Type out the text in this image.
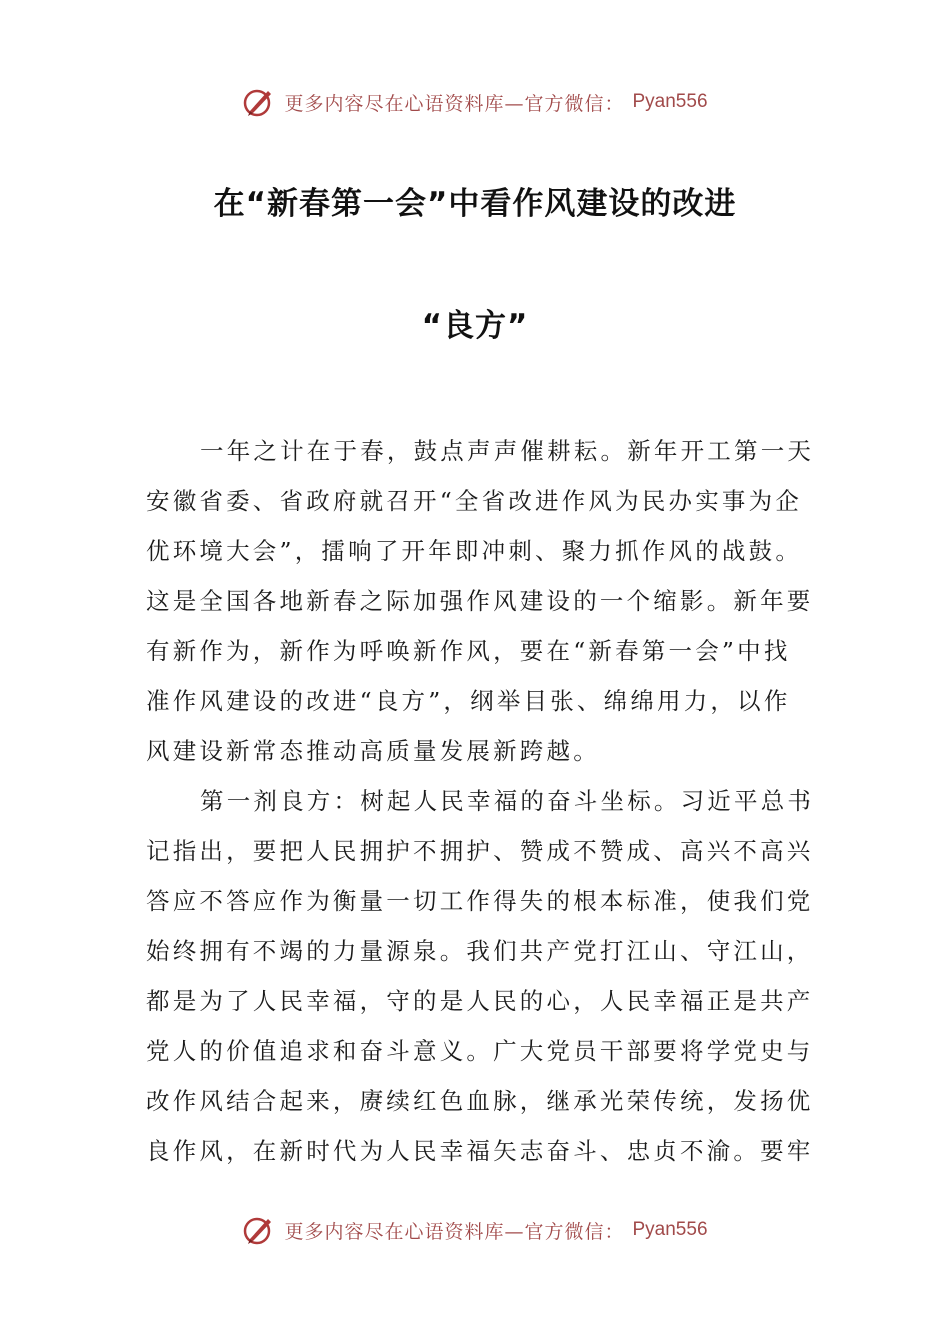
更多内容尽在心语资料库—官方微信： Pyan556
在“新春第一会”中看作风建设的改进
“良方”
一年之计在于春，鼓点声声催耕耘。新年开工第一天
安徽省委、省政府就召开“全省改进作风为民办实事为企
优环境大会”，擂响了开年即冲刺、聚力抓作风的战鼓。
这是全国各地新春之际加强作风建设的一个缩影。新年要
有新作为，新作为呼唤新作风，要在“新春第一会”中找
准作风建设的改进“良方”，纲举目张、绵绵用力，以作
风建设新常态推动高质量发展新跨越。
第一剂良方：树起人民幸福的奋斗坐标。习近平总书
记指出，要把人民拥护不拥护、赞成不赞成、高兴不高兴
答应不答应作为衡量一切工作得失的根本标准，使我们党
始终拥有不竭的力量源泉。我们共产党打江山、守江山，
都是为了人民幸福，守的是人民的心，人民幸福正是共产
党人的价值追求和奋斗意义。广大党员干部要将学党史与
改作风结合起来，赓续红色血脉，继承光荣传统，发扬优
良作风，在新时代为人民幸福矢志奋斗、忠贞不渝。要牢
更多内容尽在心语资料库—官方微信： Pyan556
